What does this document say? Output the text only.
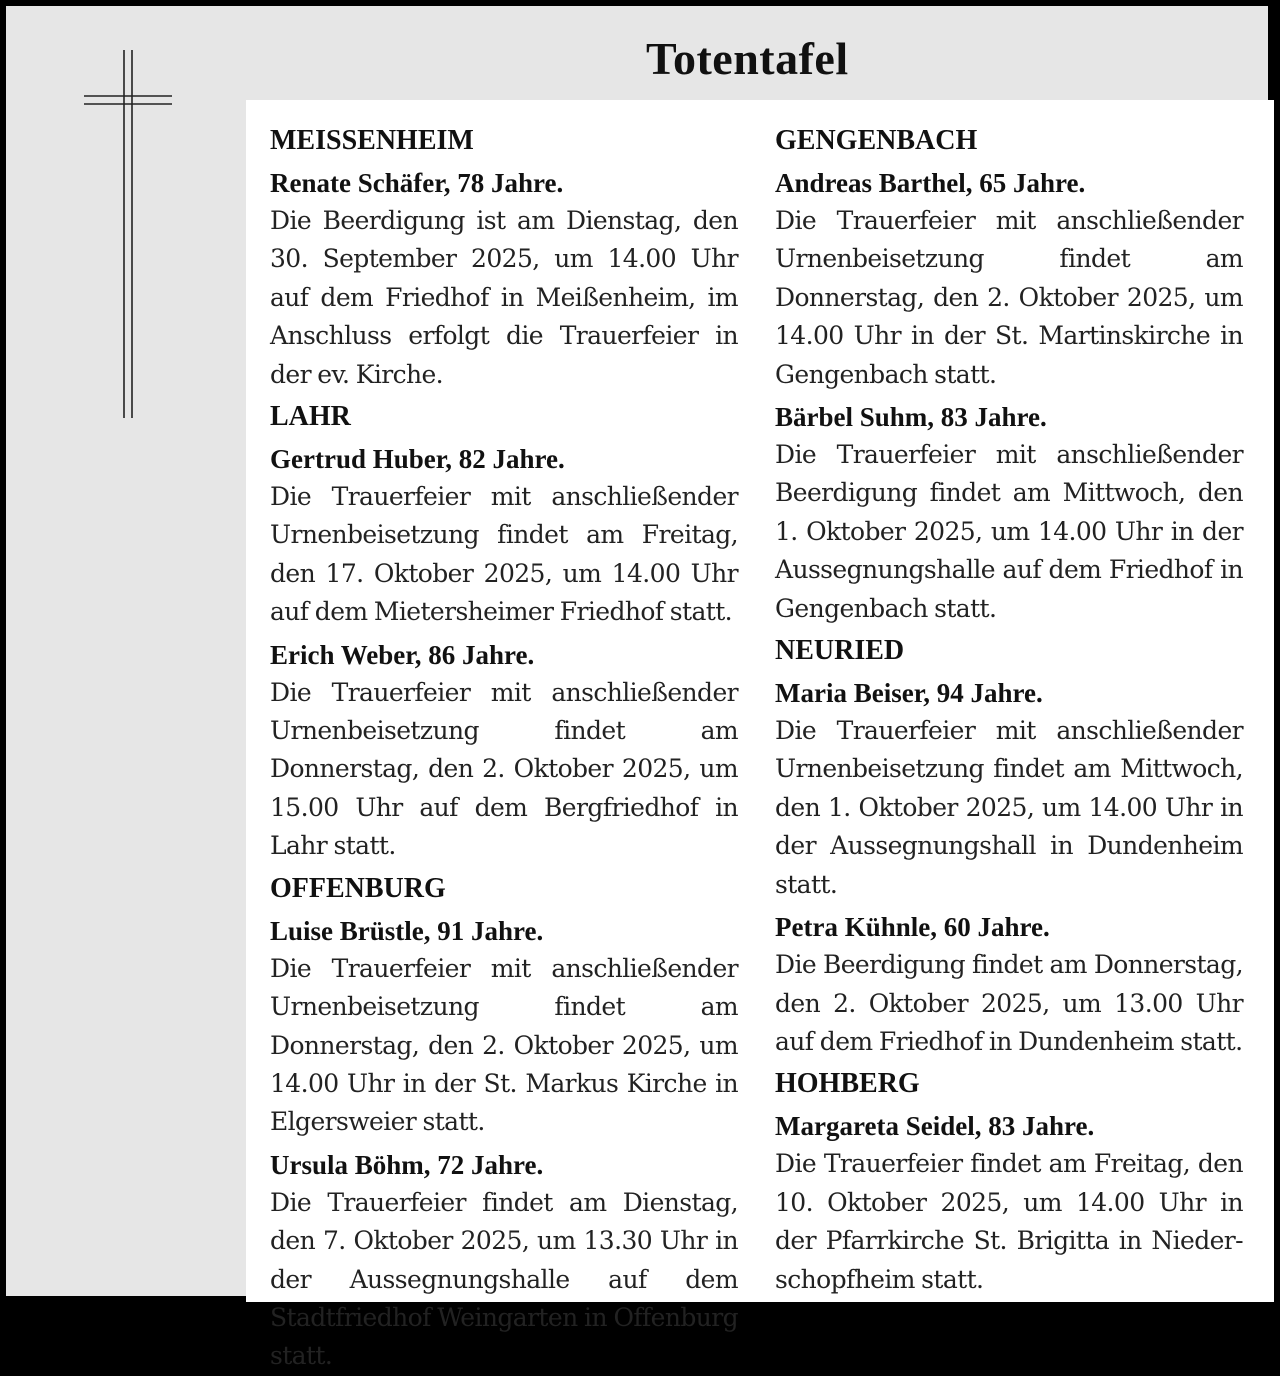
Totentafel
MEISSENHEIM
Renate Schäfer, 78 Jahre.

Die Beerdigung ist am Dienstag, den 30. September 2025, um 14.00 Uhr auf dem Friedhof in Meißenheim, im Anschluss erfolgt die Trauerfeier in der ev. Kirche.

LAHR
Gertrud Huber, 82 Jahre.

Die Trauerfeier mit anschließender Urnenbeisetzung findet am Freitag, den 17. Oktober 2025, um 14.00 Uhr auf dem Mietersheimer Friedhof statt.

Erich Weber, 86 Jahre.

Die Trauerfeier mit anschließender Urnenbeisetzung findet am Donnerstag, den 2. Oktober 2025, um 15.00 Uhr auf dem Bergfriedhof in Lahr statt.

OFFENBURG
Luise Brüstle, 91 Jahre.

Die Trauerfeier mit anschließender Urnenbeisetzung findet am Donnerstag, den 2. Oktober 2025, um 14.00 Uhr in der St. Markus Kirche in Elgersweier statt.

Ursula Böhm, 72 Jahre.

Die Trauerfeier findet am Dienstag, den 7. Oktober 2025, um 13.30 Uhr in der Aussegnungshalle auf dem Stadtfriedhof Weingarten in Offenburg statt.

GENGENBACH
Andreas Barthel, 65 Jahre.

Die Trauerfeier mit anschließender Urnenbeisetzung findet am Donnerstag, den 2. Oktober 2025, um 14.00 Uhr in der St. Martinskirche in Gengenbach statt.

Bärbel Suhm, 83 Jahre.

Die Trauerfeier mit anschließender Beerdigung findet am Mittwoch, den 1. Oktober 2025, um 14.00 Uhr in der Aussegnungshalle auf dem Friedhof in Gengenbach statt.

NEURIED
Maria Beiser, 94 Jahre.

Die Trauerfeier mit anschließender Urnenbeisetzung findet am Mittwoch, den 1. Oktober 2025, um 14.00 Uhr in der Aussegnungshall in Dundenheim statt.

Petra Kühnle, 60 Jahre.

Die Beerdigung findet am Donnerstag, den 2. Oktober 2025, um 13.00 Uhr auf dem Friedhof in Dundenheim statt.

HOHBERG
Margareta Seidel, 83 Jahre.

Die Trauerfeier findet am Freitag, den 10. Oktober 2025, um 14.00 Uhr in der Pfarrkirche St. Brigitta in Nieder-schopfheim statt.
